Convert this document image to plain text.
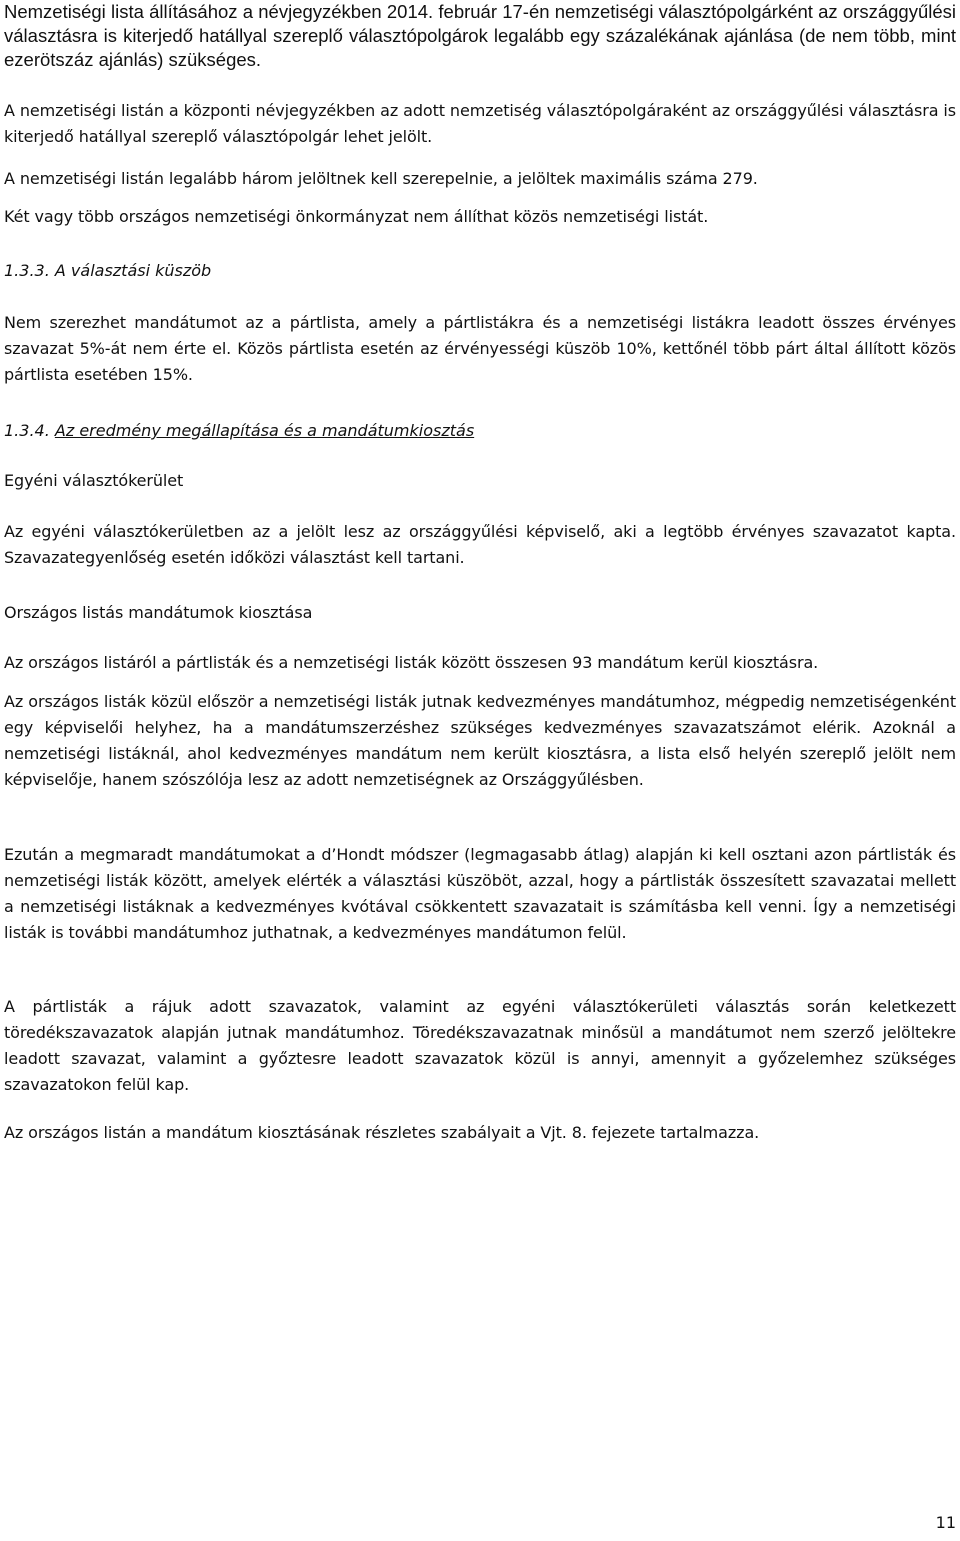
Nemzetiségi lista állításához a névjegyzékben 2014. február 17-én nemzetiségi választópolgárként az országgyűlési választásra is kiterjedő hatállyal szereplő választópolgárok legalább egy százalékának ajánlása (de nem több, mint ezerötszáz ajánlás) szükséges.

A nemzetiségi listán a központi névjegyzékben az adott nemzetiség választópolgáraként az országgyűlési választásra is kiterjedő hatállyal szereplő választópolgár lehet jelölt.

A nemzetiségi listán legalább három jelöltnek kell szerepelnie, a jelöltek maximális száma 279.

Két vagy több országos nemzetiségi önkormányzat nem állíthat közös nemzetiségi listát.

1.3.3. A választási küszöb

Nem szerezhet mandátumot az a pártlista, amely a pártlistákra és a nemzetiségi listákra leadott összes érvényes szavazat 5%-át nem érte el. Közös pártlista esetén az érvényességi küszöb 10%, kettőnél több párt által állított közös pártlista esetében 15%.

1.3.4. Az eredmény megállapítása és a mandátumkiosztás

Egyéni választókerület

Az egyéni választókerületben az a jelölt lesz az országgyűlési képviselő, aki a legtöbb érvényes szavazatot kapta. Szavazategyenlőség esetén időközi választást kell tartani.

Országos listás mandátumok kiosztása

Az országos listáról a pártlisták és a nemzetiségi listák között összesen 93 mandátum kerül kiosztásra.

Az országos listák közül először a nemzetiségi listák jutnak kedvezményes mandátumhoz, mégpedig nemzetiségenként egy képviselői helyhez, ha a mandátumszerzéshez szükséges kedvezményes szavazatszámot elérik. Azoknál a nemzetiségi listáknál, ahol kedvezményes mandátum nem került kiosztásra, a lista első helyén szereplő jelölt nem képviselője, hanem szószólója lesz az adott nemzetiségnek az Országgyűlésben.

Ezután a megmaradt mandátumokat a d’Hondt módszer (legmagasabb átlag) alapján ki kell osztani azon pártlisták és nemzetiségi listák között, amelyek elérték a választási küszöböt, azzal, hogy a pártlisták összesített szavazatai mellett a nemzetiségi listáknak a kedvezményes kvótával csökkentett szavazatait is számításba kell venni. Így a nemzetiségi listák is további mandátumhoz juthatnak, a kedvezményes mandátumon felül.

A pártlisták a rájuk adott szavazatok, valamint az egyéni választókerületi választás során keletkezett töredékszavazatok alapján jutnak mandátumhoz. Töredékszavazatnak minősül a mandátumot nem szerző jelöltekre leadott szavazat, valamint a győztesre leadott szavazatok közül is annyi, amennyit a győzelemhez szükséges szavazatokon felül kap.

Az országos listán a mandátum kiosztásának részletes szabályait a Vjt. 8. fejezete tartalmazza.

11
